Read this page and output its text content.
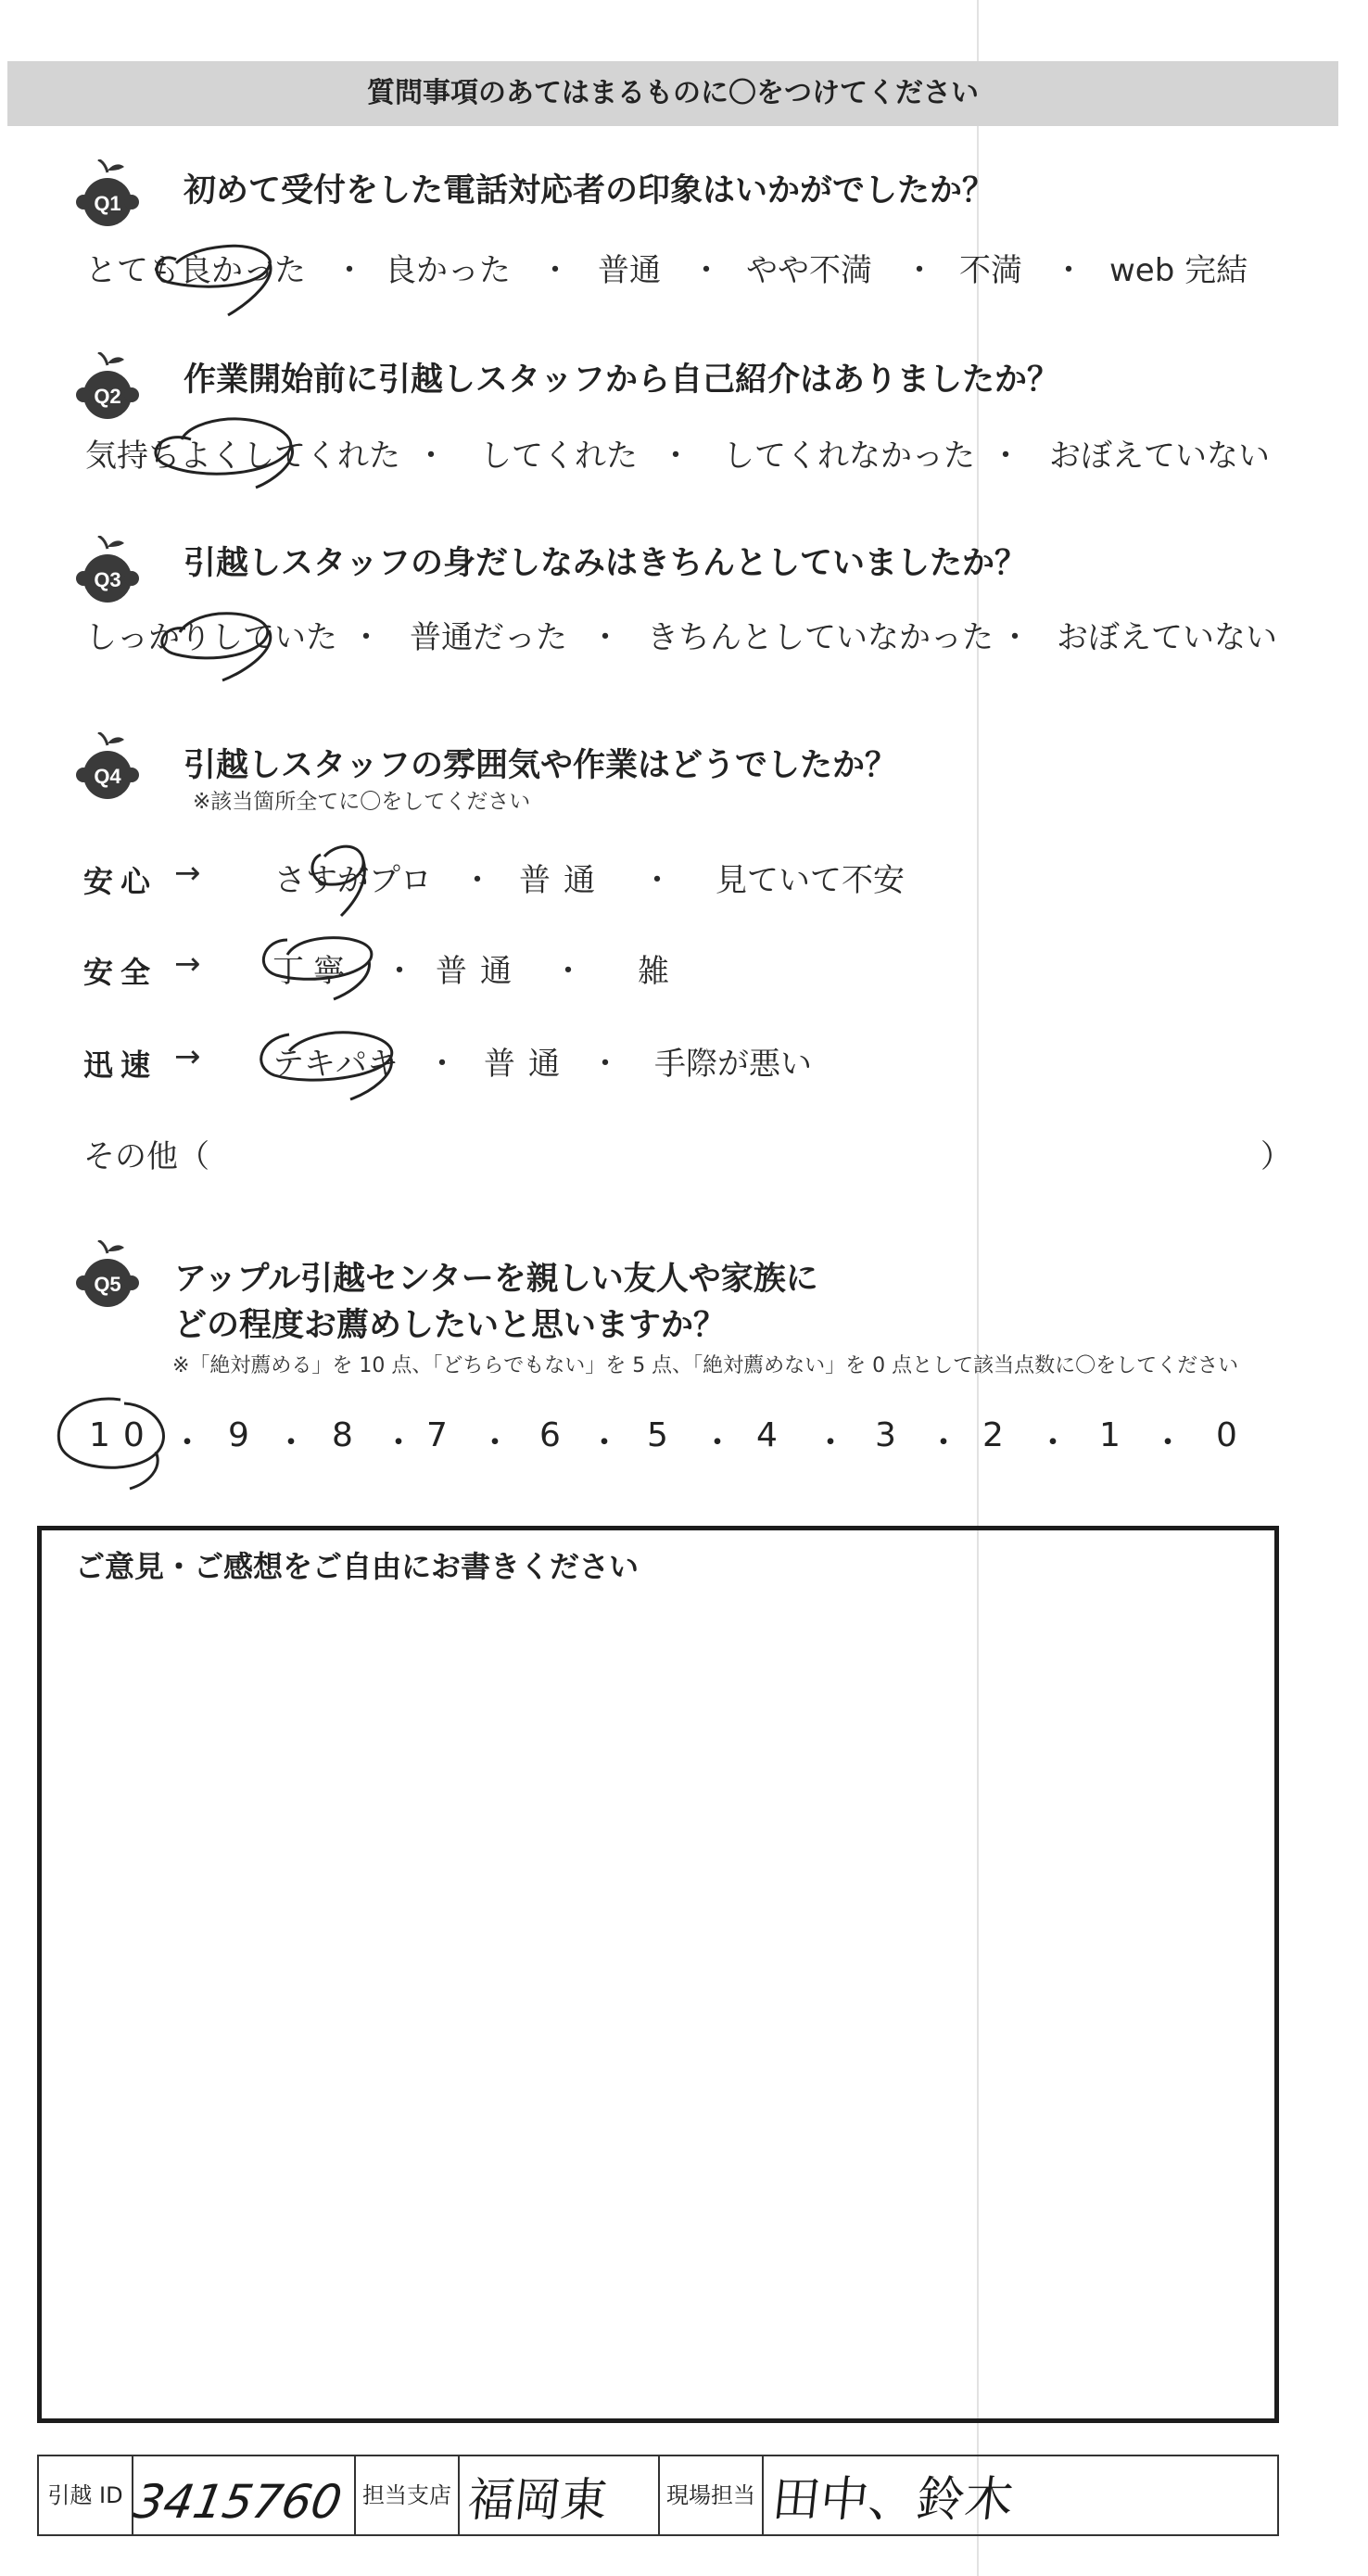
質問事項のあてはまるものに〇をつけてください
Q1 初めて受付をした電話対応者の印象はいかがでしたか？
とても良かった ・ 良かった ・ 普通 ・ やや不満 ・ 不満 ・ web 完結
Q2 作業開始前に引越しスタッフから自己紹介はありましたか？
気持ちよくしてくれた ・ してくれた ・ してくれなかった ・ おぼえていない
Q3 引越しスタッフの身だしなみはきちんとしていましたか？
しっかりしていた ・ 普通だった ・ きちんとしていなかった ・ おぼえていない
Q4 引越しスタッフの雰囲気や作業はどうでしたか？
※該当箇所全てに〇をしてください
安心 → さすがプロ ・ 普通 ・ 見ていて不安
安全 → 丁寧 ・ 普通 ・ 雑
迅速 → テキパキ ・ 普通 ・ 手際が悪い
その他（	）
Q5 アップル引越センターを親しい友人や家族に
どの程度お薦めしたいと思いますか？
※「絶対薦める」を 10 点、「どちらでもない」を 5 点、「絶対薦めない」を 0 点として該当点数に〇をしてください
10 ・ 9 ・ 8 ・ 7 ・ 6 ・ 5 ・ 4 ・ 3 ・ 2 ・ 1 ・ 0
ご意見・ご感想をご自由にお書きください
引越 ID 3415760 担当支店 福岡東	現場担当 田中、鈴木
